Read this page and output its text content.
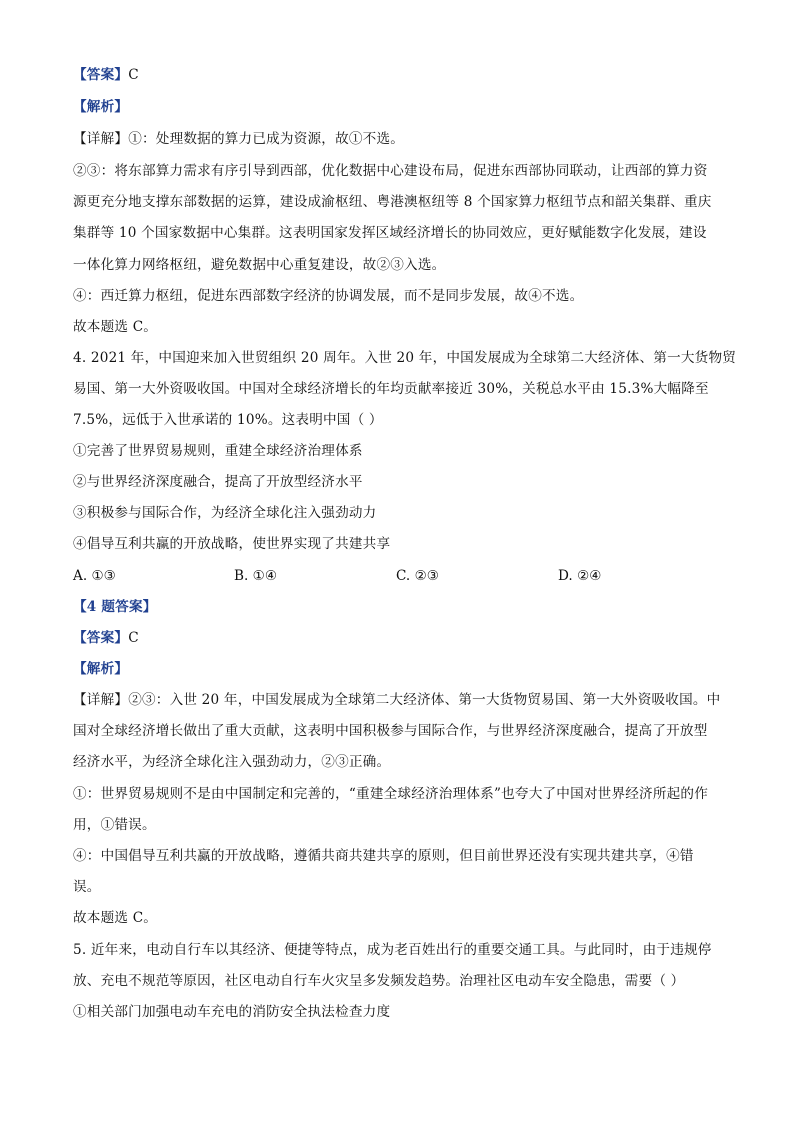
【答案】C
【解析】
【详解】①：处理数据的算力已成为资源，故①不选。
②③：将东部算力需求有序引导到西部，优化数据中心建设布局，促进东西部协同联动，让西部的算力资
源更充分地支撑东部数据的运算，建设成渝枢纽、粤港澳枢纽等 8 个国家算力枢纽节点和韶关集群、重庆
集群等 10 个国家数据中心集群。这表明国家发挥区域经济增长的协同效应，更好赋能数字化发展，建设
一体化算力网络枢纽，避免数据中心重复建设，故②③入选。
④：西迁算力枢纽，促进东西部数字经济的协调发展，而不是同步发展，故④不选。
故本题选 C。
4. 2021 年，中国迎来加入世贸组织 20 周年。入世 20 年，中国发展成为全球第二大经济体、第一大货物贸
易国、第一大外资吸收国。中国对全球经济增长的年均贡献率接近 30%，关税总水平由 15.3%大幅降至
7.5%，远低于入世承诺的 10%。这表明中国（ ）
①完善了世界贸易规则，重建全球经济治理体系
②与世界经济深度融合，提高了开放型经济水平
③积极参与国际合作，为经济全球化注入强劲动力
④倡导互利共赢的开放战略，使世界实现了共建共享
A. ①③	B. ①④	C. ②③	D. ②④
【4 题答案】
【答案】C
【解析】
【详解】②③：入世 20 年，中国发展成为全球第二大经济体、第一大货物贸易国、第一大外资吸收国。中
国对全球经济增长做出了重大贡献，这表明中国积极参与国际合作，与世界经济深度融合，提高了开放型
经济水平，为经济全球化注入强劲动力，②③正确。
①：世界贸易规则不是由中国制定和完善的，“重建全球经济治理体系”也夸大了中国对世界经济所起的作
用，①错误。
④：中国倡导互利共赢的开放战略，遵循共商共建共享的原则，但目前世界还没有实现共建共享，④错
误。
故本题选 C。
5. 近年来，电动自行车以其经济、便捷等特点，成为老百姓出行的重要交通工具。与此同时，由于违规停
放、充电不规范等原因，社区电动自行车火灾呈多发频发趋势。治理社区电动车安全隐患，需要（ ）
①相关部门加强电动车充电的消防安全执法检查力度
